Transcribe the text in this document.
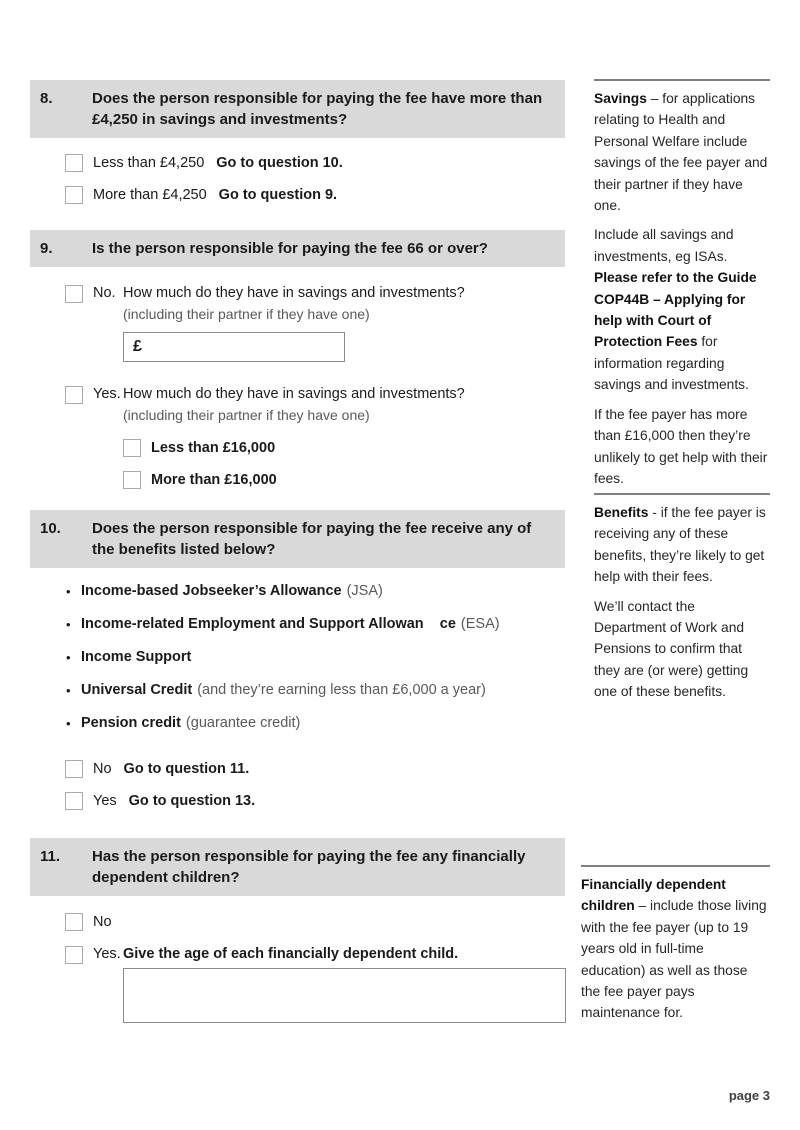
8.	Does the person responsible for paying the fee have more than
£4,250 in savings and investments?
Less than £4,250 Go to question 10.
More than £4,250 Go to question 9.
9.	Is the person responsible for paying the fee 66 or over?
No. How much do they have in savings and investments?
(including their partner if they have one)
£
Yes. How much do they have in savings and investments?
(including their partner if they have one)
Less than £16,000
More than £16,000
10.	Does the person responsible for paying the fee receive any of
the benefits listed below?
• Income-based Jobseeker’s Allowance (JSA)
• Income-related Employment and Support Allowan    ce (ESA)
• Income Support
• Universal Credit (and they’re earning less than £6,000 a year)
• Pension credit (guarantee credit)
No Go to question 11.
Yes Go to question 13.
11.	Has the person responsible for paying the fee any financially
dependent children?
No
Yes. Give the age of each financially dependent child.

Savings – for applications relating to Health and Personal Welfare include savings of the fee payer and their partner if they have one.

Include all savings and investments, eg ISAs. Please refer to the Guide COP44B – Applying for help with Court of Protection Fees for information regarding savings and investments.

If the fee payer has more than £16,000 then they’re unlikely to get help with their fees.

Benefits - if the fee payer is receiving any of these benefits, they’re likely to get help with their fees.

We’ll contact the Department of Work and Pensions to confirm that they are (or were) getting one of these benefits.

Financially dependent children – include those living with the fee payer (up to 19 years old in full-time education) as well as those the fee payer pays maintenance for.

page 3
